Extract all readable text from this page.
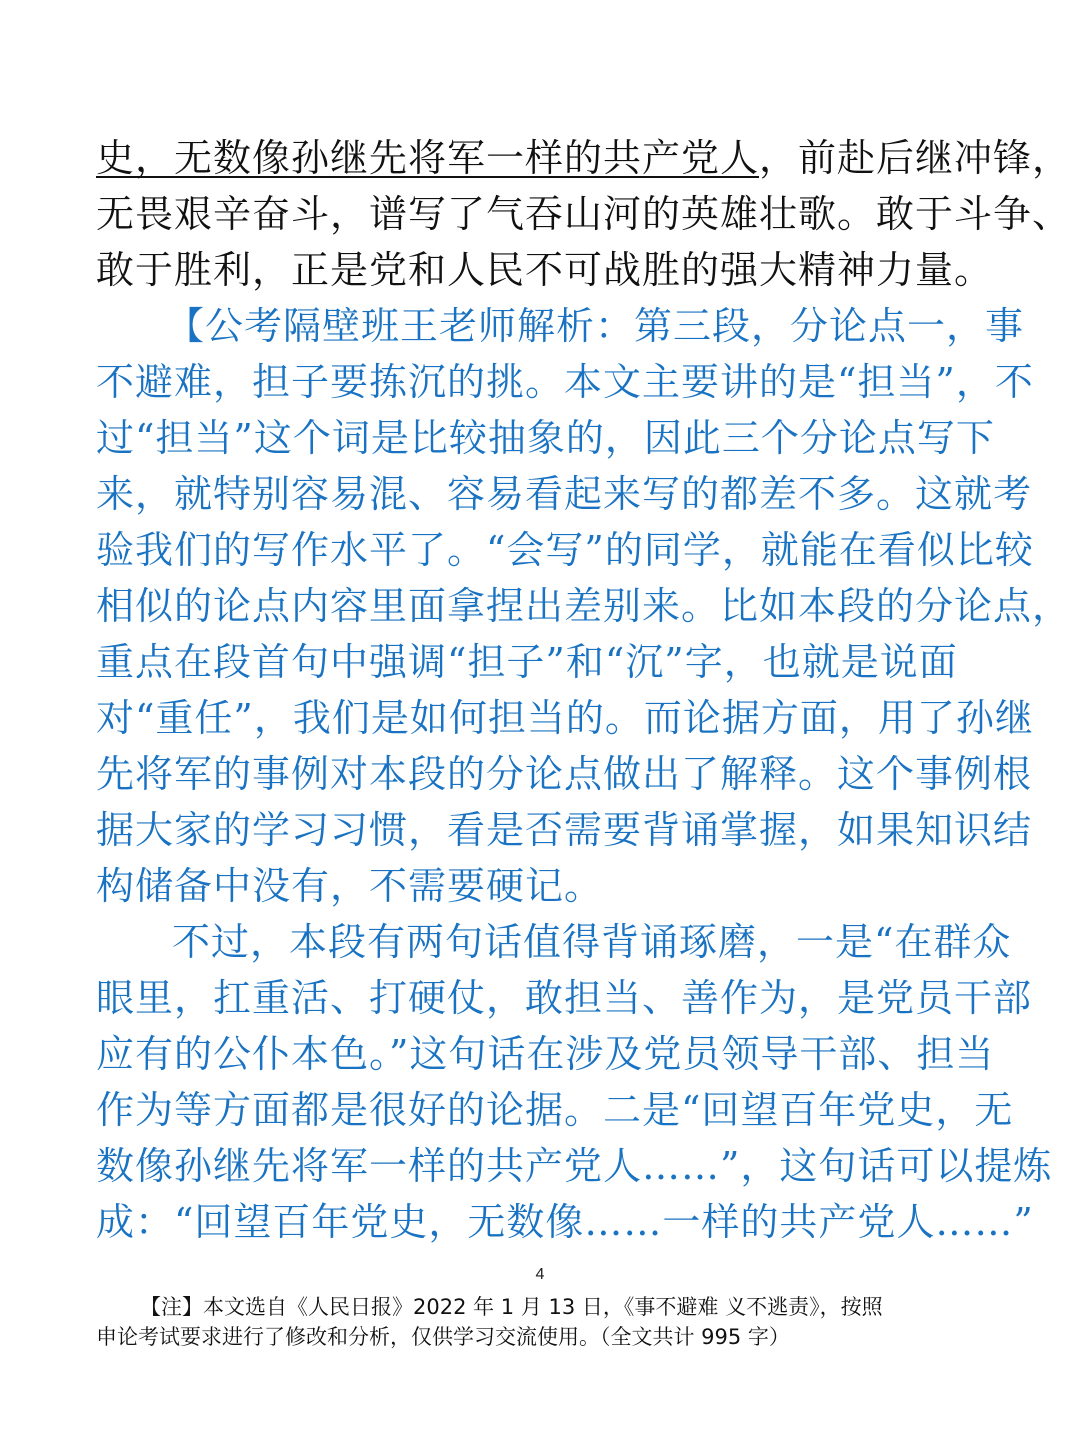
史，无数像孙继先将军一样的共产党人，前赴后继冲锋，
无畏艰辛奋斗，谱写了气吞山河的英雄壮歌。敢于斗争、
敢于胜利，正是党和人民不可战胜的强大精神力量。
【公考隔壁班王老师解析：第三段，分论点一，事
不避难，担子要拣沉的挑。本文主要讲的是“担当”，不
过“担当”这个词是比较抽象的，因此三个分论点写下
来，就特别容易混、容易看起来写的都差不多。这就考
验我们的写作水平了。“会写”的同学，就能在看似比较
相似的论点内容里面拿捏出差别来。比如本段的分论点，
重点在段首句中强调“担子”和“沉”字，也就是说面
对“重任”，我们是如何担当的。而论据方面，用了孙继
先将军的事例对本段的分论点做出了解释。这个事例根
据大家的学习习惯，看是否需要背诵掌握，如果知识结
构储备中没有，不需要硬记。
不过，本段有两句话值得背诵琢磨，一是“在群众
眼里，扛重活、打硬仗，敢担当、善作为，是党员干部
应有的公仆本色。”这句话在涉及党员领导干部、担当
作为等方面都是很好的论据。二是“回望百年党史，无
数像孙继先将军一样的共产党人……”，这句话可以提炼
成：“回望百年党史，无数像……一样的共产党人……”
4
【注】本文选自《人民日报》2022 年 1 月 13 日，《事不避难 义不逃责》，按照
申论考试要求进行了修改和分析，仅供学习交流使用。（全文共计 995 字）
